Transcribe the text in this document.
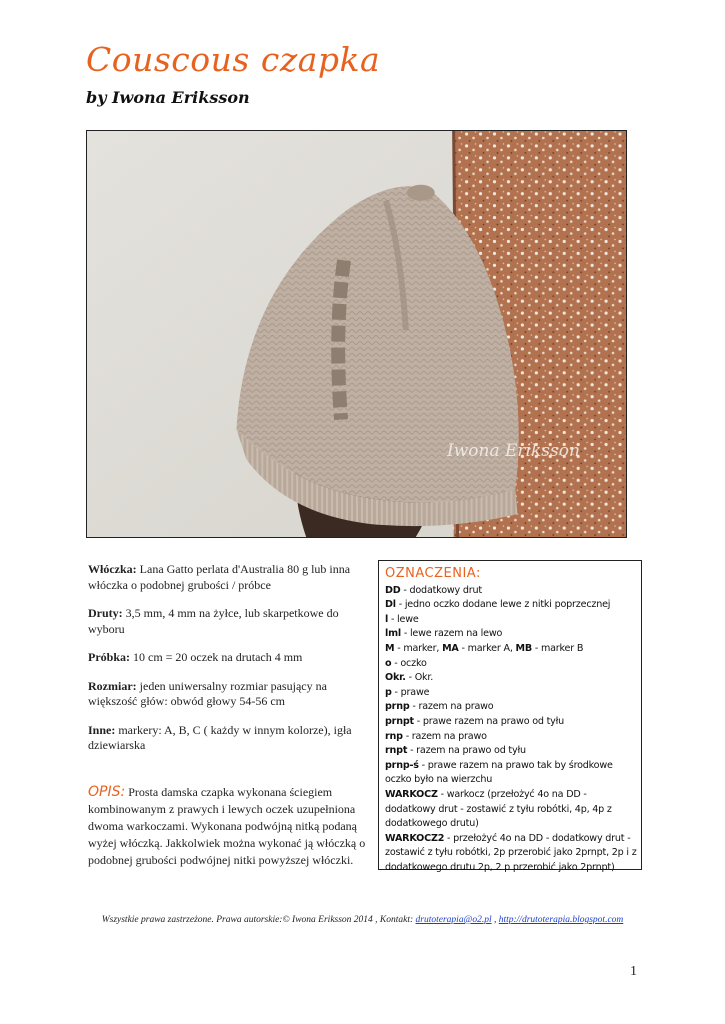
Couscous czapka
by Iwona Eriksson
Iwona Eriksson

Włóczka: Lana Gatto perlata d'Australia 80 g lub inna włóczka o podobnej grubości / próbce

Druty: 3,5 mm, 4 mm na żyłce, lub skarpetkowe do wyboru

Próbka: 10 cm = 20 oczek na drutach 4 mm

Rozmiar: jeden uniwersalny rozmiar pasujący na większość głów: obwód głowy 54-56 cm

Inne: markery: A, B, C ( każdy w innym kolorze), igła dziewiarska

OPIS: Prosta damska czapka wykonana ściegiem kombinowanym z prawych i lewych oczek uzupełniona dwoma warkoczami. Wykonana podwójną nitką podaną wyżej włóczką. Jakkolwiek można wykonać ją włóczką o podobnej grubości podwójnej nitki powyższej włóczki.

OZNACZENIA:
DD - dodatkowy drut
Dl - jedno oczko dodane lewe z nitki poprzecznej
l - lewe
lml - lewe razem na lewo
M - marker, MA - marker A, MB - marker B
o - oczko
Okr. - Okr.
p - prawe
prnp - razem na prawo
prnpt - prawe razem na prawo od tyłu
rnp - razem na prawo
rnpt - razem na prawo od tyłu
prnp-ś - prawe razem na prawo tak by środkowe oczko było na wierzchu
WARKOCZ - warkocz (przełożyć 4o na DD - dodatkowy drut - zostawić z tyłu robótki, 4p, 4p z dodatkowego drutu)
WARKOCZ2 - przełożyć 4o na DD - dodatkowy drut - zostawić z tyłu robótki, 2p przerobić jako 2prnpt, 2p i z dodatkowego drutu 2p, 2 p przerobić jako 2prnpt)
Wszystkie prawa zastrzeżone. Prawa autorskie:© Iwona Eriksson 2014 , Kontakt: drutoterapia@o2.pl , http://drutoterapia.blogspot.com
1
